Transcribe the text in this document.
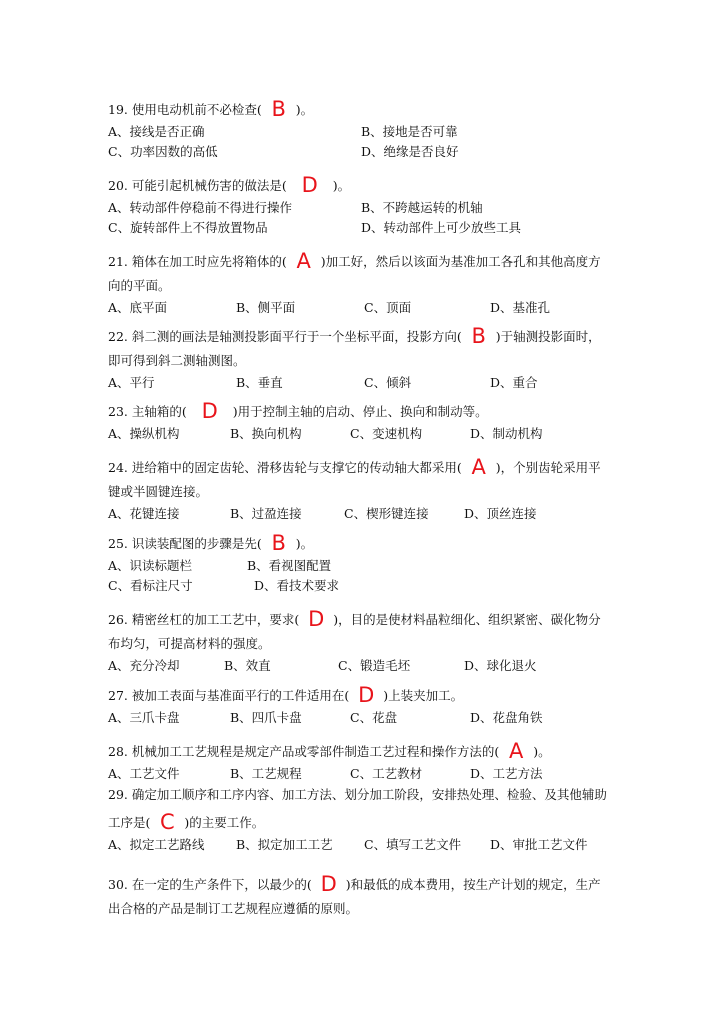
19. 使用电动机前不必检查( B )。
A、接线是否正确	B、接地是否可靠
C、功率因数的高低	D、绝缘是否良好
20. 可能引起机械伤害的做法是( D )。
A、转动部件停稳前不得进行操作	B、不跨越运转的机轴
C、旋转部件上不得放置物品	D、转动部件上可少放些工具
21. 箱体在加工时应先将箱体的( A )加工好，然后以该面为基准加工各孔和其他高度方
向的平面。
A、底平面	B、侧平面	C、顶面	D、基准孔
22. 斜二测的画法是轴测投影面平行于一个坐标平面，投影方向( B )于轴测投影面时，
即可得到斜二测轴测图。
A、平行	B、垂直	C、倾斜	D、重合
23. 主轴箱的( D )用于控制主轴的启动、停止、换向和制动等。
A、操纵机构	B、换向机构	C、变速机构	D、制动机构
24. 进给箱中的固定齿轮、滑移齿轮与支撑它的传动轴大都采用( A )，个别齿轮采用平
键或半圆键连接。
A、花键连接	B、过盈连接	C、楔形键连接	D、顶丝连接
25. 识读装配图的步骤是先( B )。
A、识读标题栏	B、看视图配置
C、看标注尺寸	D、看技术要求
26. 精密丝杠的加工工艺中，要求( D )，目的是使材料晶粒细化、组织紧密、碳化物分
布均匀，可提高材料的强度。
A、充分冷却	B、效直	C、锻造毛坯	D、球化退火
27. 被加工表面与基准面平行的工件适用在( D )上装夹加工。
A、三爪卡盘	B、四爪卡盘	C、花盘	D、花盘角铁
28. 机械加工工艺规程是规定产品或零部件制造工艺过程和操作方法的( A )。
A、工艺文件	B、工艺规程	C、工艺教材	D、工艺方法
29. 确定加工顺序和工序内容、加工方法、划分加工阶段，安排热处理、检验、及其他辅助
工序是( C )的主要工作。
A、拟定工艺路线	B、拟定加工工艺	C、填写工艺文件 D、审批工艺文件
30. 在一定的生产条件下，以最少的( D )和最低的成本费用，按生产计划的规定，生产
出合格的产品是制订工艺规程应遵循的原则。
